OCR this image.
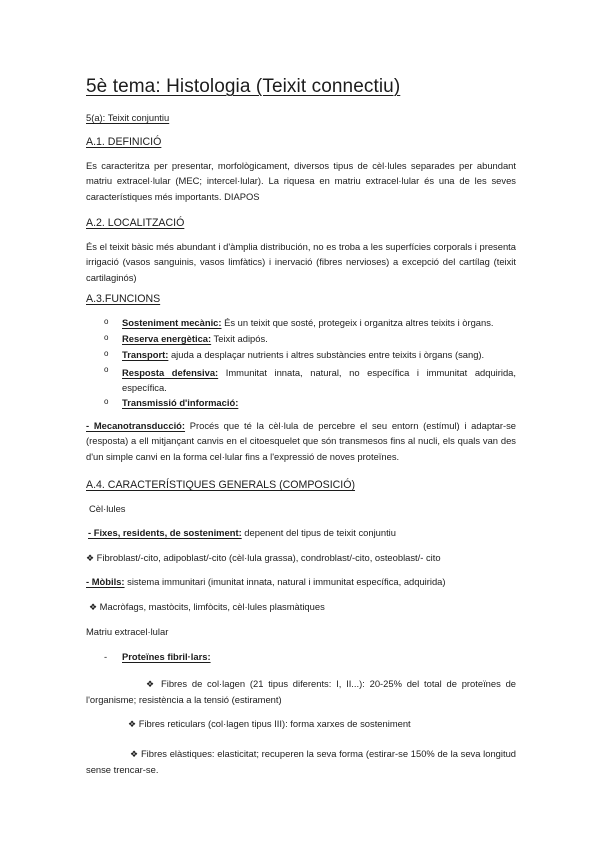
5è tema: Histologia (Teixit connectiu)
5(a): Teixit conjuntiu
A.1. DEFINICIÓ

Es caracteritza per presentar, morfològicament, diversos tipus de cèl·lules separades per abundant matriu extracel·lular (MEC; intercel·lular). La riquesa en matriu extracel·lular és una de les seves característiques més importants. DIAPOS

A.2. LOCALITZACIÓ

És el teixit bàsic més abundant i d'àmplia distribución, no es troba a les superfícies corporals i presenta irrigació (vasos sanguinis, vasos limfàtics) i inervació (fibres nervioses) a excepció del cartílag (teixit cartilaginós)

A.3.FUNCIONS
o Sosteniment mecànic: És un teixit que sosté, protegeix i organitza altres teixits i òrgans.
o Reserva energètica: Teixit adipós.
o Transport: ajuda a desplaçar nutrients i altres substàncies entre teixits i òrgans (sang).
o Resposta defensiva: Immunitat innata, natural, no específica i immunitat adquirida, específica.
o Transmissió d'informació:

- Mecanotransducció: Procés que té la cèl·lula de percebre el seu entorn (estímul) i adaptar-se (resposta) a ell mitjançant canvis en el citoesquelet que són transmesos fins al nucli, els quals van des d'un simple canvi en la forma cel·lular fins a l'expressió de noves proteïnes.

A.4. CARACTERÍSTIQUES GENERALS (COMPOSICIÓ)
Cèl·lules
- Fixes, residents, de sosteniment: depenent del tipus de teixit conjuntiu
❖ Fibroblast/-cito, adipoblast/-cito (cèl·lula grassa), condroblast/-cito, osteoblast/- cito
- Mòbils: sistema immunitari (imunitat innata, natural i immunitat específica, adquirida)
❖ Macròfags, mastòcits, limfòcits, cèl·lules plasmàtiques
Matriu extracel·lular
- Proteïnes fibril·lars:

❖ Fibres de col·lagen (21 tipus diferents: I, II...): 20-25% del total de proteïnes de l'organisme; resistència a la tensió (estirament)

❖ Fibres reticulars (col·lagen tipus III): forma xarxes de sosteniment

❖ Fibres elàstiques: elasticitat; recuperen la seva forma (estirar-se 150% de la seva longitud sense trencar-se.
